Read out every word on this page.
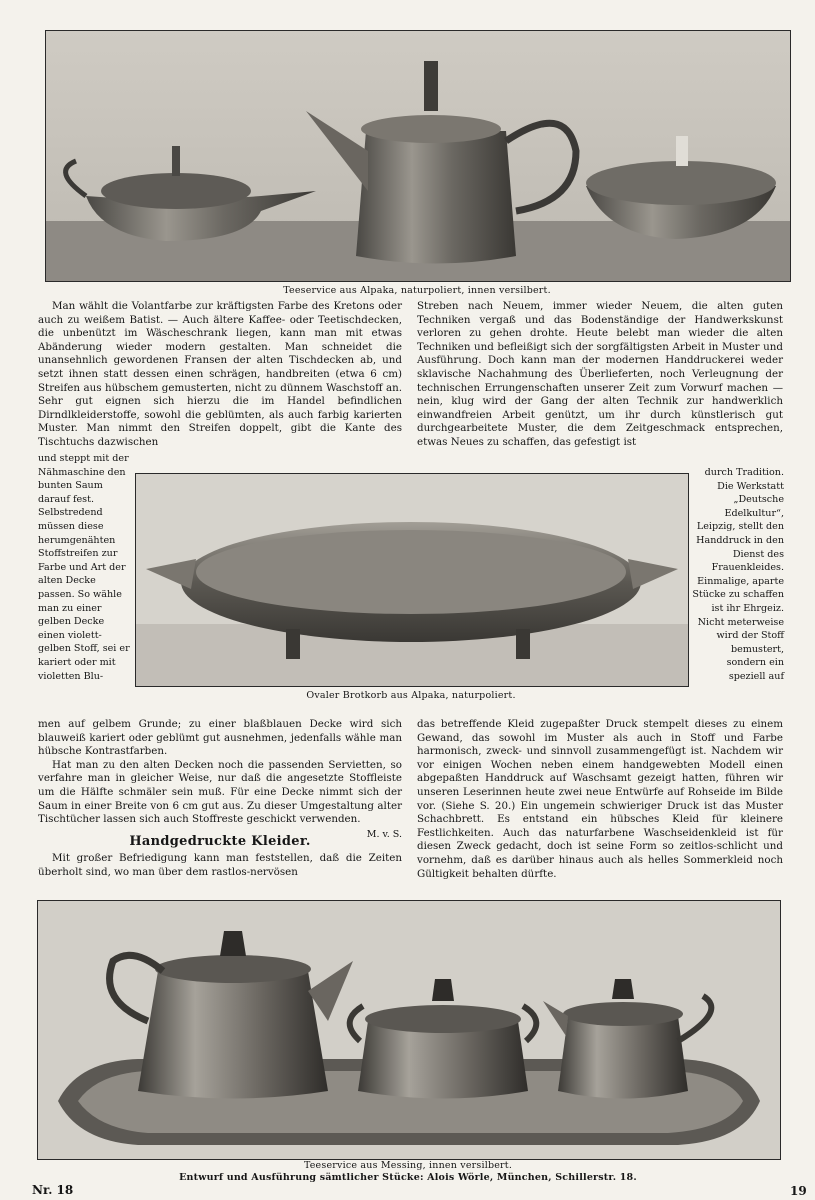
Teeservice aus Alpaka, naturpoliert, innen versilbert.

Man wählt die Volantfarbe zur kräftigsten Farbe des Kretons oder auch zu weißem Batist. — Auch ältere Kaffee- oder Teetischdecken, die unbenützt im Wäscheschrank liegen, kann man mit etwas Abänderung wieder modern gestalten. Man schneidet die unansehnlich gewordenen Fransen der alten Tischdecken ab, und setzt ihnen statt dessen einen schrägen, handbreiten (etwa 6 cm) Streifen aus hübschem gemusterten, nicht zu dünnem Waschstoff an. Sehr gut eignen sich hierzu die im Handel befindlichen Dirndlkleiderstoffe, sowohl die geblümten, als auch farbig karierten Muster. Man nimmt den Streifen doppelt, gibt die Kante des Tischtuchs dazwischen

Streben nach Neuem, immer wieder Neuem, die alten guten Techniken vergaß und das Bodenständige der Handwerkskunst verloren zu gehen drohte. Heute belebt man wieder die alten Techniken und befleißigt sich der sorgfältigsten Arbeit in Muster und Ausführung. Doch kann man der modernen Handdruckerei weder sklavische Nachahmung des Überlieferten, noch Verleugnung der technischen Errungenschaften unserer Zeit zum Vorwurf machen — nein, klug wird der Gang der alten Technik zur handwerklich einwandfreien Arbeit genützt, um ihr durch künstlerisch gut durchgearbeitete Muster, die dem Zeitgeschmack entsprechen, etwas Neues zu schaffen, das gefestigt ist

Ovaler Brotkorb aus Alpaka, naturpoliert.

und steppt mit der Nähmaschine den bunten Saum darauf fest. Selbstredend müssen diese herumgenähten Stoffstreifen zur Farbe und Art der alten Decke passen. So wähle man zu einer gelben Decke einen violett-gelben Stoff, sei er kariert oder mit violetten Blu-

durch Tradition. Die Werkstatt „Deutsche Edelkultur“, Leipzig, stellt den Handdruck in den Dienst des Frauenkleides. Einmalige, aparte Stücke zu schaffen ist ihr Ehrgeiz. Nicht meterweise wird der Stoff bemustert, sondern ein speziell auf

men auf gelbem Grunde; zu einer blaßblauen Decke wird sich blauweiß kariert oder geblümt gut ausnehmen, jedenfalls wähle man hübsche Kontrastfarben.

Hat man zu den alten Decken noch die passenden Servietten, so verfahre man in gleicher Weise, nur daß die angesetzte Stoffleiste um die Hälfte schmäler sein muß. Für eine Decke nimmt sich der Saum in einer Breite von 6 cm gut aus. Zu dieser Umgestaltung alter Tischtücher lassen sich auch Stoffreste geschickt verwenden.

M. v. S.

Handgedruckte Kleider.

Mit großer Befriedigung kann man feststellen, daß die Zeiten überholt sind, wo man über dem rastlos-nervösen

das betreffende Kleid zugepaßter Druck stempelt dieses zu einem Gewand, das sowohl im Muster als auch in Stoff und Farbe harmonisch, zweck- und sinnvoll zusammengefügt ist. Nachdem wir vor einigen Wochen neben einem handgewebten Modell einen abgepaßten Handdruck auf Waschsamt gezeigt hatten, führen wir unseren Leserinnen heute zwei neue Entwürfe auf Rohseide im Bilde vor. (Siehe S. 20.) Ein ungemein schwieriger Druck ist das Muster Schachbrett. Es entstand ein hübsches Kleid für kleinere Festlichkeiten. Auch das naturfarbene Waschseidenkleid ist für diesen Zweck gedacht, doch ist seine Form so zeitlos-schlicht und vornehm, daß es darüber hinaus auch als helles Sommerkleid noch Gültigkeit behalten dürfte.

Teeservice aus Messing, innen versilbert.
Entwurf und Ausführung sämtlicher Stücke: Alois Wörle, München, Schillerstr. 18.
Nr. 18	19
